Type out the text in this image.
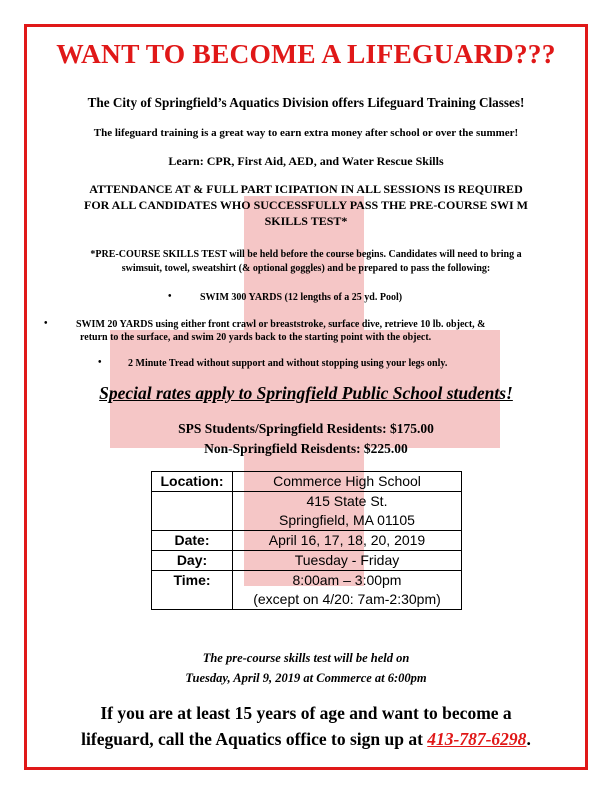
WANT TO BECOME A LIFEGUARD???
The City of Springfield’s Aquatics Division offers Lifeguard Training Classes!
The lifeguard training is a great way to earn extra money after school or over the summer!
Learn: CPR, First Aid, AED, and Water Rescue Skills
ATTENDANCE AT & FULL PART ICIPATION IN ALL SESSIONS IS REQUIRED
FOR ALL CANDIDATES WHO SUCCESSFULLY PASS THE PRE-COURSE SWI M
SKILLS TEST*
*PRE-COURSE SKILLS TEST will be held before the course begins. Candidates will need to bring a
swimsuit, towel, sweatshirt (& optional goggles) and be prepared to pass the following:
•	SWIM 300 YARDS (12 lengths of a 25 yd. Pool)
•	SWIM 20 YARDS using either front crawl or breaststroke, surface dive, retrieve 10 lb. object, &
return to the surface, and swim 20 yards back to the starting point with the object.
•	2 Minute Tread without support and without stopping using your legs only.
Special rates apply to Springfield Public School students!
SPS Students/Springfield Residents: $175.00
Non-Springfield Reisdents: $225.00
Location:	Commerce High School

	415 State St.
Springfield, MA 01105

Date:	April 16, 17, 18, 20, 2019
Day:	Tuesday - Friday
Time:	8:00am – 3:00pm
(except on 4/20: 7am-2:30pm)
The pre-course skills test will be held on
Tuesday, April 9, 2019 at Commerce at 6:00pm
If you are at least 15 years of age and want to become a
lifeguard, call the Aquatics office to sign up at 413-787-6298.
